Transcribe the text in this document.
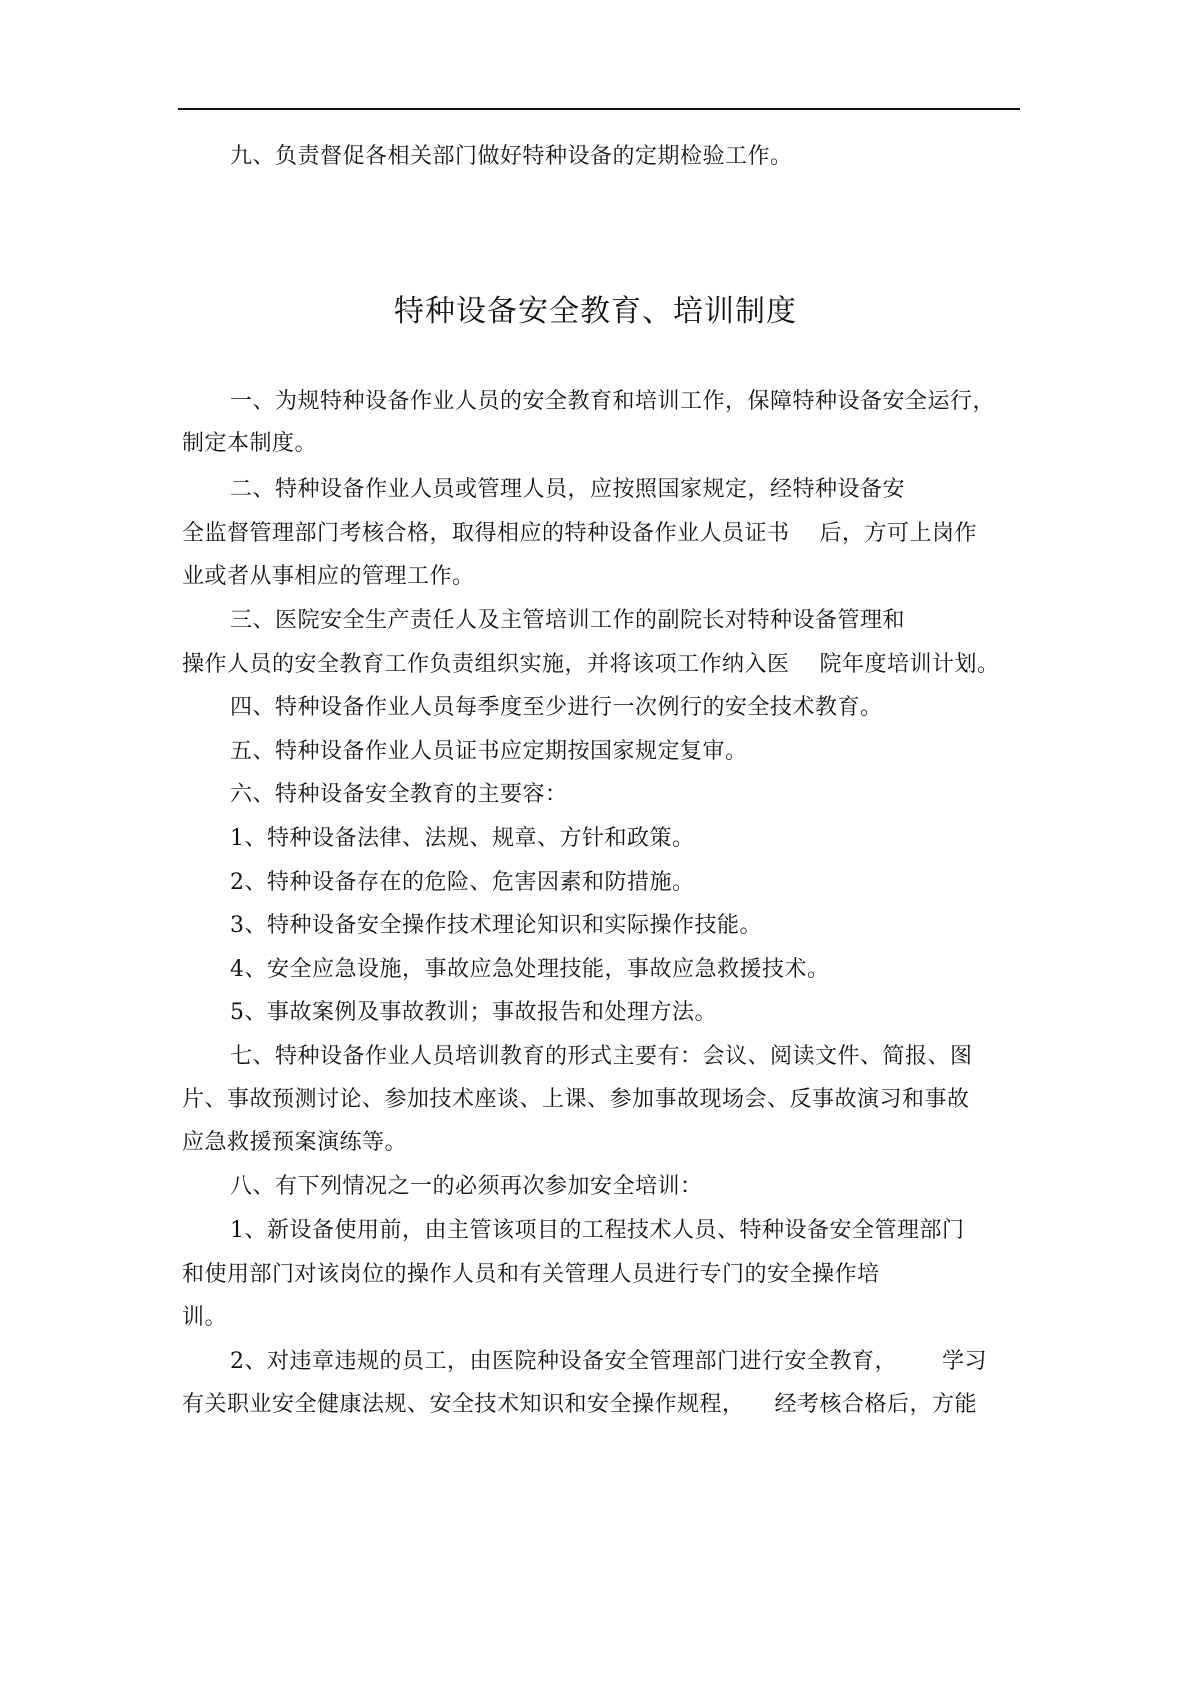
九、负责督促各相关部门做好特种设备的定期检验工作。

特种设备安全教育、培训制度

一、为规特种设备作业人员的安全教育和培训工作，保障特种设备安全运行，

制定本制度。

二、特种设备作业人员或管理人员，应按照国家规定，经特种设备安

全监督管理部门考核合格，取得相应的特种设备作业人员证书    后，方可上岗作

业或者从事相应的管理工作。

三、医院安全生产责任人及主管培训工作的副院长对特种设备管理和

操作人员的安全教育工作负责组织实施，并将该项工作纳入医    院年度培训计划。

四、特种设备作业人员每季度至少进行一次例行的安全技术教育。

五、特种设备作业人员证书应定期按国家规定复审。

六、特种设备安全教育的主要容：

1、特种设备法律、法规、规章、方针和政策。

2、特种设备存在的危险、危害因素和防措施。

3、特种设备安全操作技术理论知识和实际操作技能。

4、安全应急设施，事故应急处理技能，事故应急救援技术。

5、事故案例及事故教训；事故报告和处理方法。

七、特种设备作业人员培训教育的形式主要有：会议、阅读文件、简报、图

片、事故预测讨论、参加技术座谈、上课、参加事故现场会、反事故演习和事故

应急救援预案演练等。

八、有下列情况之一的必须再次参加安全培训：

1、新设备使用前，由主管该项目的工程技术人员、特种设备安全管理部门

和使用部门对该岗位的操作人员和有关管理人员进行专门的安全操作培

训。

2、对违章违规的员工，由医院种设备安全管理部门进行安全教育，      学习

有关职业安全健康法规、安全技术知识和安全操作规程，    经考核合格后，方能
